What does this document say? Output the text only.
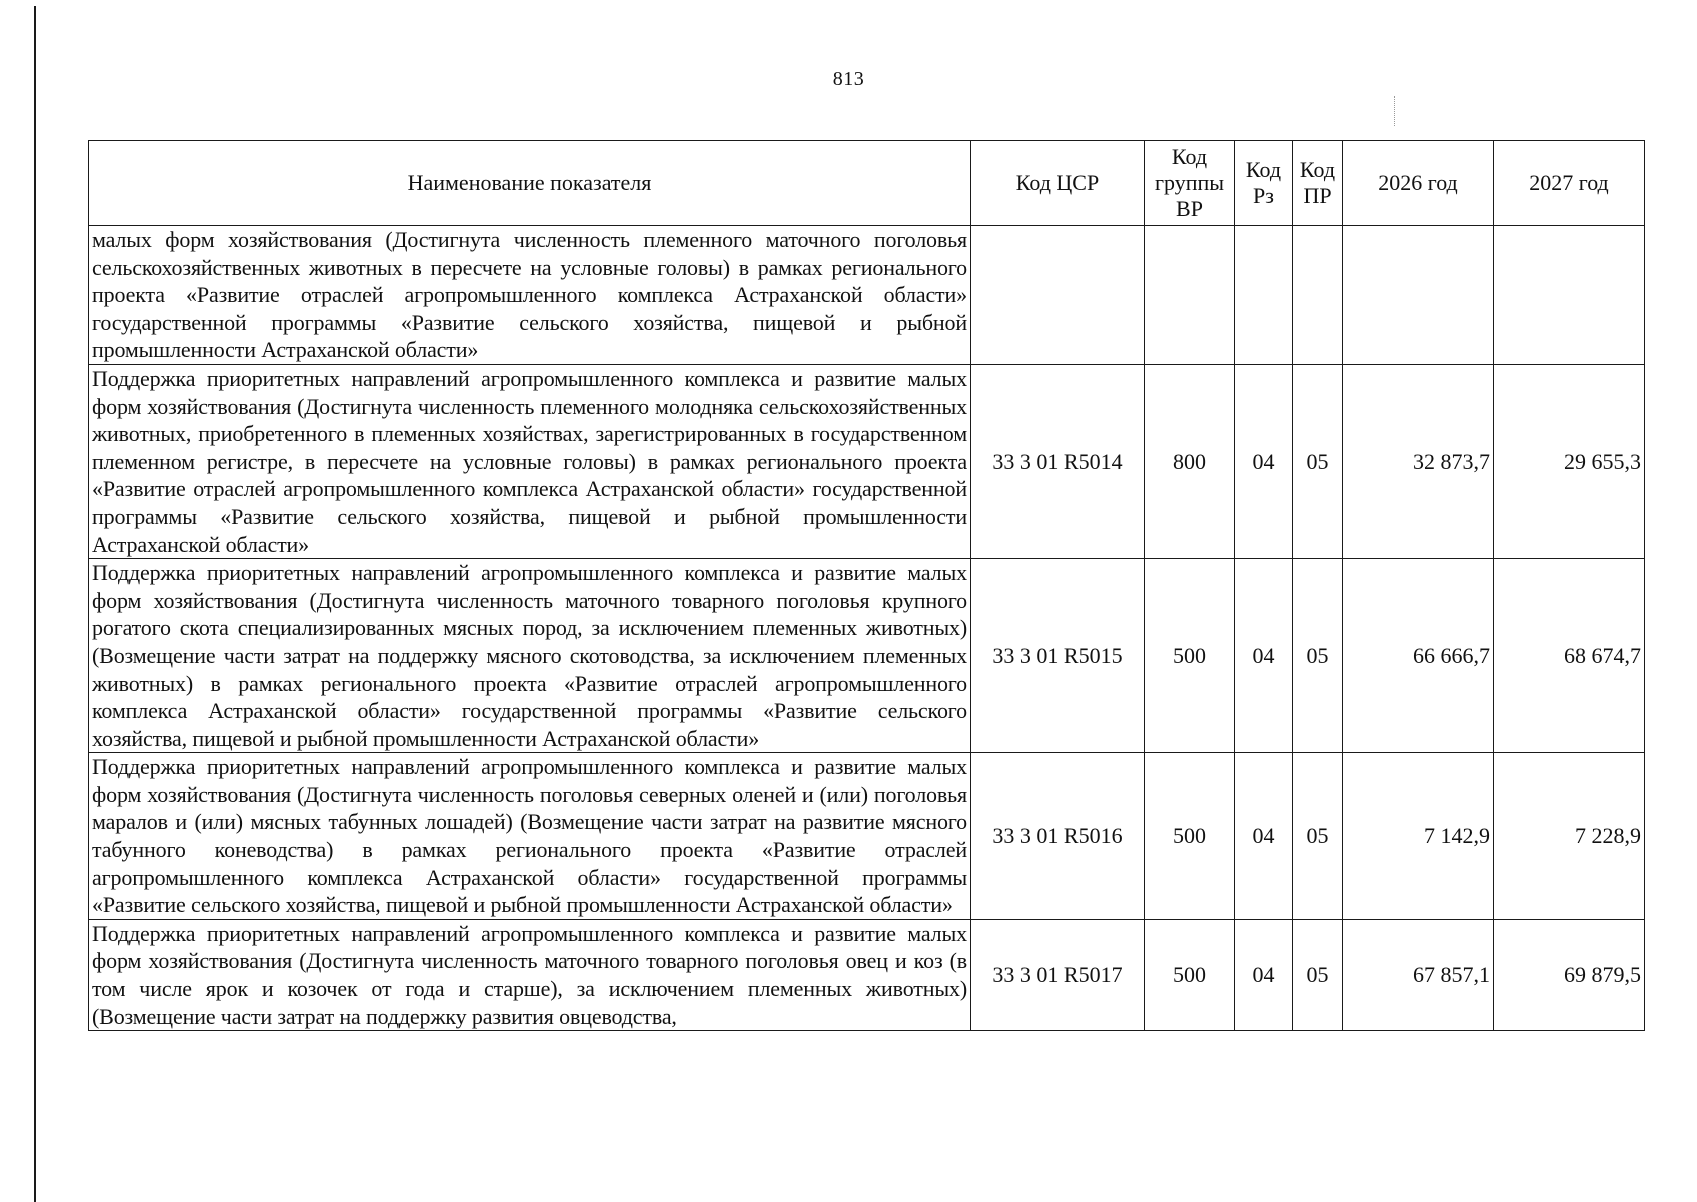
813
Наименование показателя	Код ЦСР	Код группы ВР	Код Рз	Код ПР	2026 год	2027 год
малых форм хозяйствования (Достигнута численность племенного маточного поголовья сельскохозяйственных животных в пересчете на условные головы) в рамках регионального проекта «Развитие отраслей агропромышленного комплекса Астраханской области» государственной программы «Развитие сельского хозяйства, пищевой и рыбной промышленности Астраханской области»						
Поддержка приоритетных направлений агропромышленного комплекса и развитие малых форм хозяйствования (Достигнута численность племенного молодняка сельскохозяйственных животных, приобретенного в племенных хозяйствах, зарегистрированных в государственном племенном регистре, в пересчете на условные головы) в рамках регионального проекта «Развитие отраслей агропромышленного комплекса Астраханской области» государственной программы «Развитие сельского хозяйства, пищевой и рыбной промышленности Астраханской области»	33 3 01 R5014	800	04	05	32 873,7	29 655,3
Поддержка приоритетных направлений агропромышленного комплекса и развитие малых форм хозяйствования (Достигнута численность маточного товарного поголовья крупного рогатого скота специализированных мясных пород, за исключением племенных животных) (Возмещение части затрат на поддержку мясного скотоводства, за исключением племенных животных) в рамках регионального проекта «Развитие отраслей агропромышленного комплекса Астраханской области» государственной программы «Развитие сельского хозяйства, пищевой и рыбной промышленности Астраханской области»	33 3 01 R5015	500	04	05	66 666,7	68 674,7
Поддержка приоритетных направлений агропромышленного комплекса и развитие малых форм хозяйствования (Достигнута численность поголовья северных оленей и (или) поголовья маралов и (или) мясных табунных лошадей) (Возмещение части затрат на развитие мясного табунного коневодства) в рамках регионального проекта «Развитие отраслей агропромышленного комплекса Астраханской области» государственной программы «Развитие сельского хозяйства, пищевой и рыбной промышленности Астраханской области»	33 3 01 R5016	500	04	05	7 142,9	7 228,9
Поддержка приоритетных направлений агропромышленного комплекса и развитие малых форм хозяйствования (Достигнута численность маточного товарного поголовья овец и коз (в том числе ярок и козочек от года и старше), за исключением племенных животных) (Возмещение части затрат на поддержку развития овцеводства,	33 3 01 R5017	500	04	05	67 857,1	69 879,5
